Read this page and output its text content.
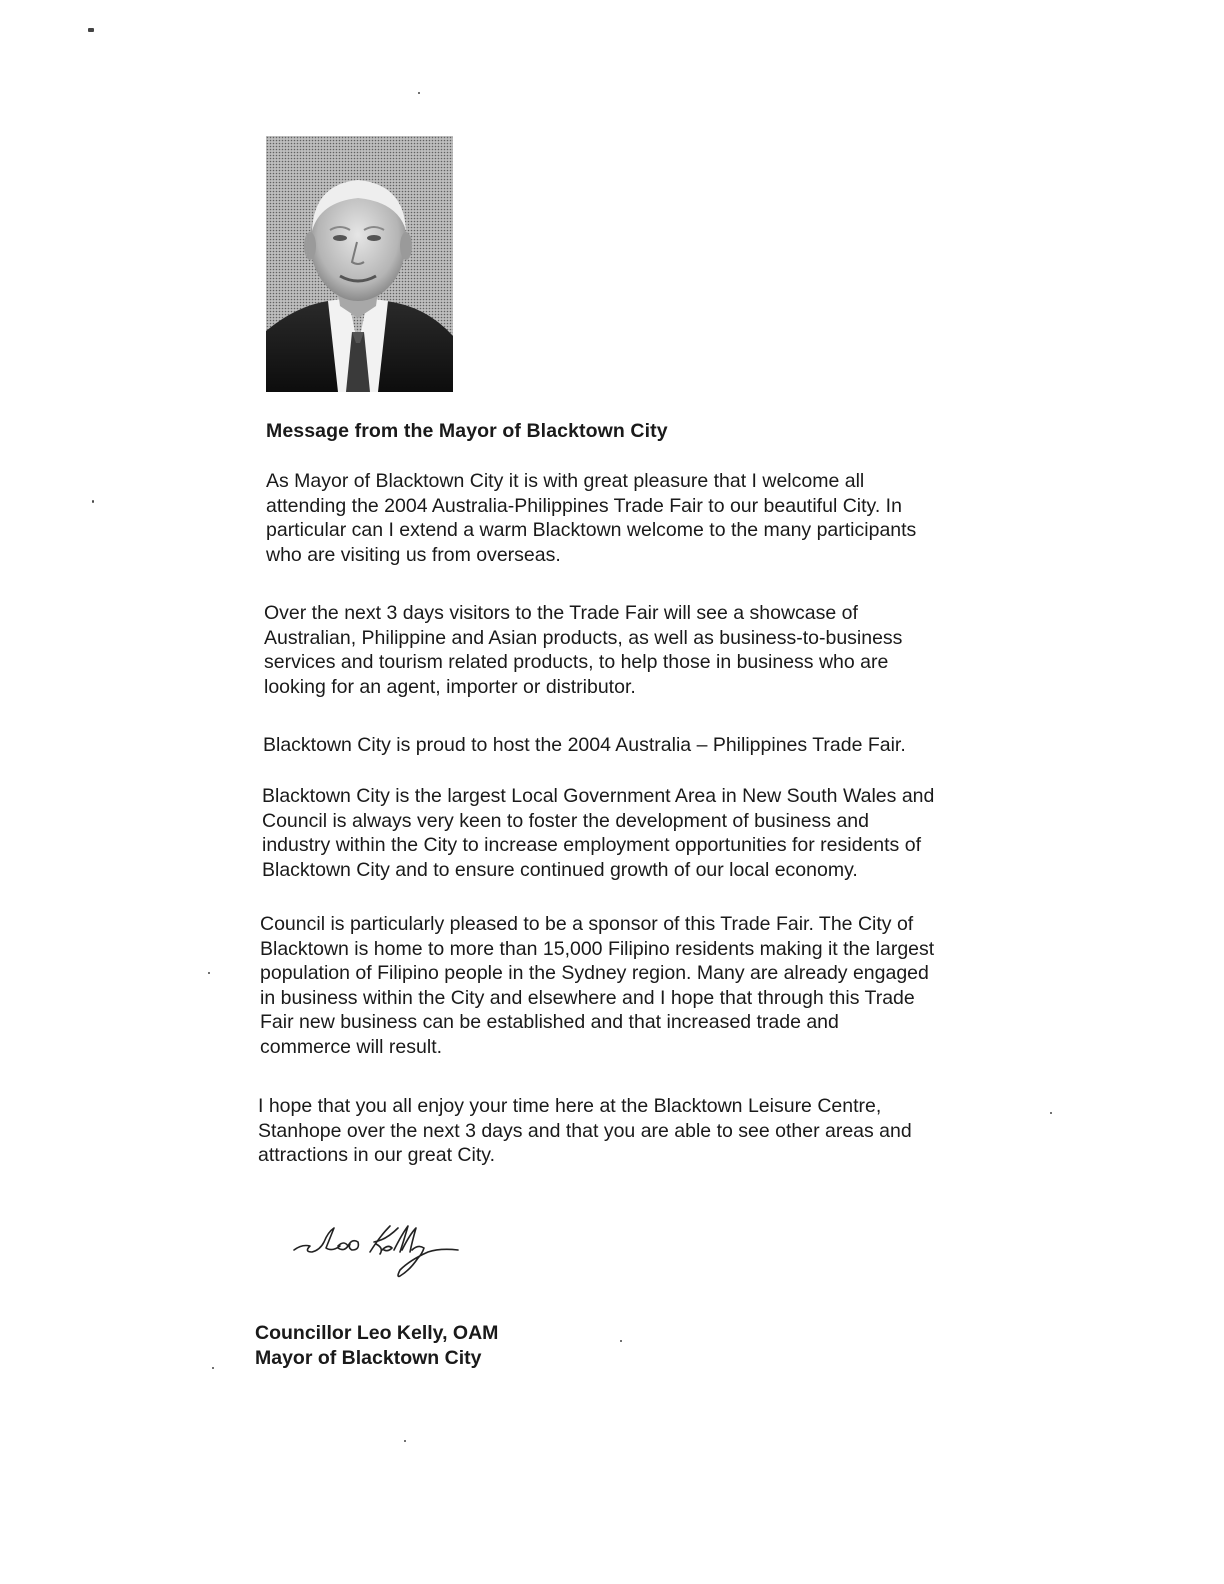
Message from the Mayor of Blacktown City

As Mayor of Blacktown City it is with great pleasure that I welcome all
attending the 2004 Australia-Philippines Trade Fair to our beautiful City. In
particular can I extend a warm Blacktown welcome to the many participants
who are visiting us from overseas.

Over the next 3 days visitors to the Trade Fair will see a showcase of
Australian, Philippine and Asian products, as well as business-to-business
services and tourism related products, to help those in business who are
looking for an agent, importer or distributor.

Blacktown City is proud to host the 2004 Australia – Philippines Trade Fair.

Blacktown City is the largest Local Government Area in New South Wales and
Council is always very keen to foster the development of business and
industry within the City to increase employment opportunities for residents of
Blacktown City and to ensure continued growth of our local economy.

Council is particularly pleased to be a sponsor of this Trade Fair. The City of
Blacktown is home to more than 15,000 Filipino residents making it the largest
population of Filipino people in the Sydney region. Many are already engaged
in business within the City and elsewhere and I hope that through this Trade
Fair new business can be established and that increased trade and
commerce will result.

I hope that you all enjoy your time here at the Blacktown Leisure Centre,
Stanhope over the next 3 days and that you are able to see other areas and
attractions in our great City.

Councillor Leo Kelly, OAM
Mayor of Blacktown City
